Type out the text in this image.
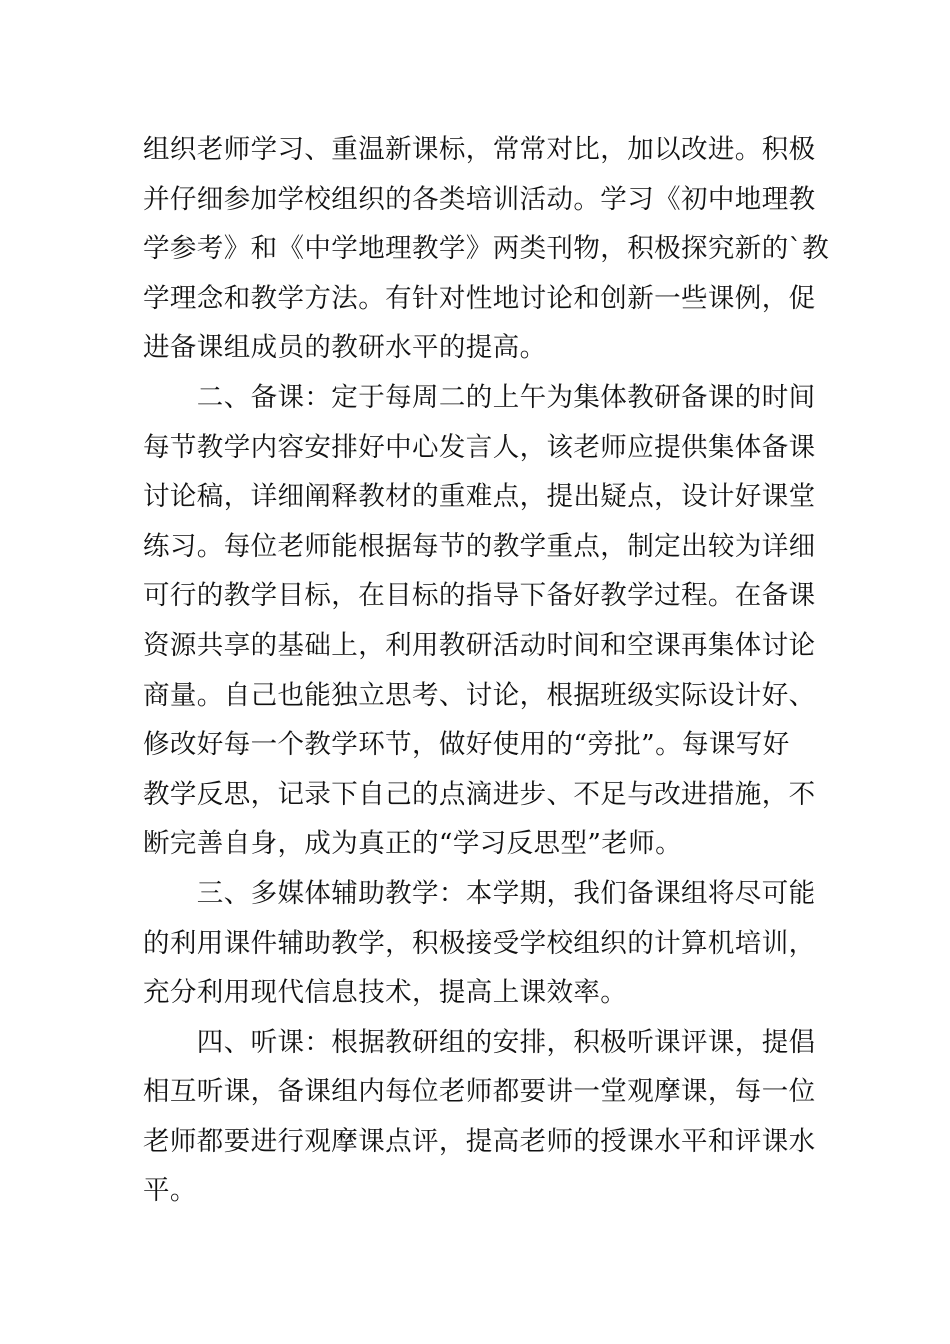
组织老师学习、重温新课标，常常对比，加以改进。积极
并仔细参加学校组织的各类培训活动。学习《初中地理教
学参考》和《中学地理教学》两类刊物，积极探究新的`教
学理念和教学方法。有针对性地讨论和创新一些课例，促
进备课组成员的教研水平的提高。
　　二、备课：定于每周二的上午为集体教研备课的时间
每节教学内容安排好中心发言人，该老师应提供集体备课
讨论稿，详细阐释教材的重难点，提出疑点，设计好课堂
练习。每位老师能根据每节的教学重点，制定出较为详细
可行的教学目标，在目标的指导下备好教学过程。在备课
资源共享的基础上，利用教研活动时间和空课再集体讨论
商量。自己也能独立思考、讨论，根据班级实际设计好、
修改好每一个教学环节，做好使用的“旁批”。每课写好
教学反思，记录下自己的点滴进步、不足与改进措施，不
断完善自身，成为真正的“学习反思型”老师。
　　三、多媒体辅助教学：本学期，我们备课组将尽可能
的利用课件辅助教学，积极接受学校组织的计算机培训，
充分利用现代信息技术，提高上课效率。
　　四、听课：根据教研组的安排，积极听课评课，提倡
相互听课，备课组内每位老师都要讲一堂观摩课，每一位
老师都要进行观摩课点评，提高老师的授课水平和评课水
平。
